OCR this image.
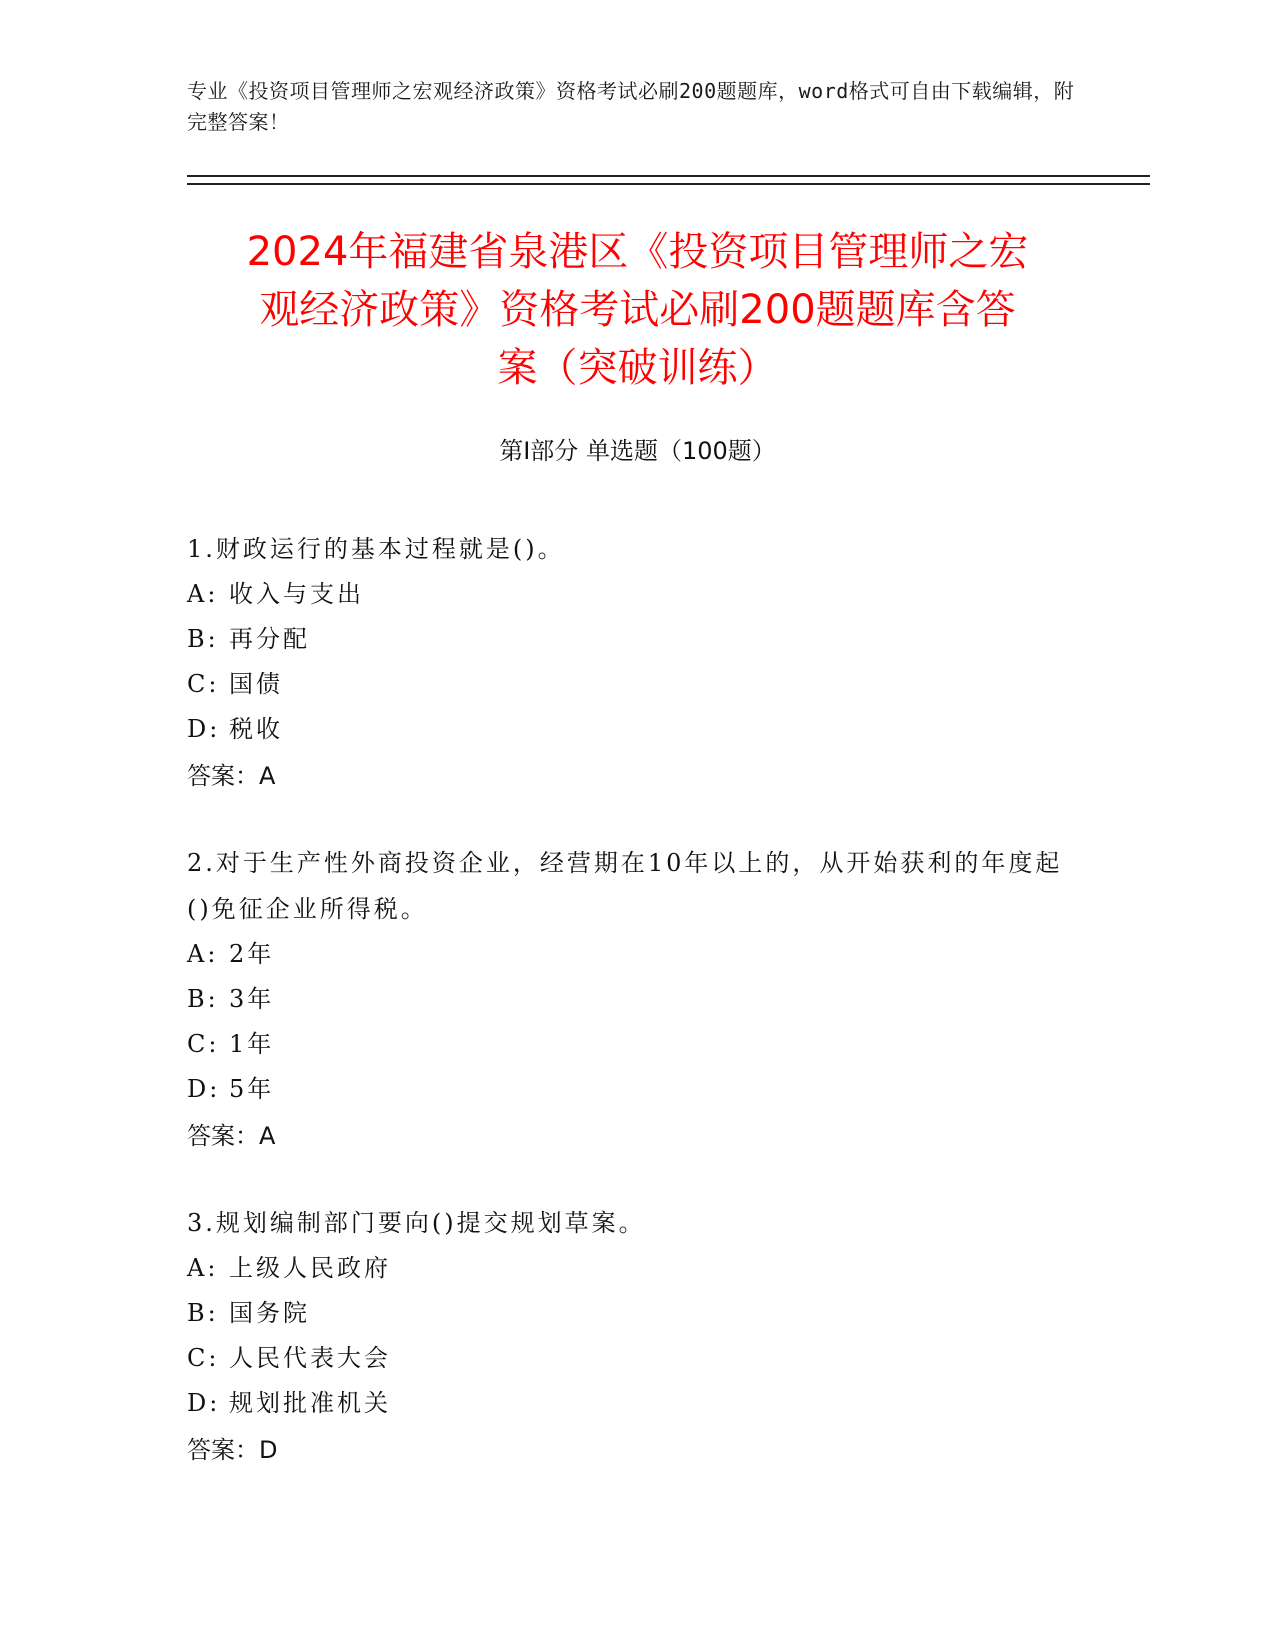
专业《投资项目管理师之宏观经济政策》资格考试必刷200题题库，word格式可自由下载编辑，附完整答案！
2024年福建省泉港区《投资项目管理师之宏
观经济政策》资格考试必刷200题题库含答
案（突破训练）
第Ⅰ部分 单选题（100题）
1.财政运行的基本过程就是()。
A: 收入与支出
B: 再分配
C: 国债
D: 税收
答案：A
2.对于生产性外商投资企业，经营期在10年以上的，从开始获利的年度起()免征企业所得税。
A: 2年
B: 3年
C: 1年
D: 5年
答案：A
3.规划编制部门要向()提交规划草案。
A: 上级人民政府
B: 国务院
C: 人民代表大会
D: 规划批准机关
答案：D
